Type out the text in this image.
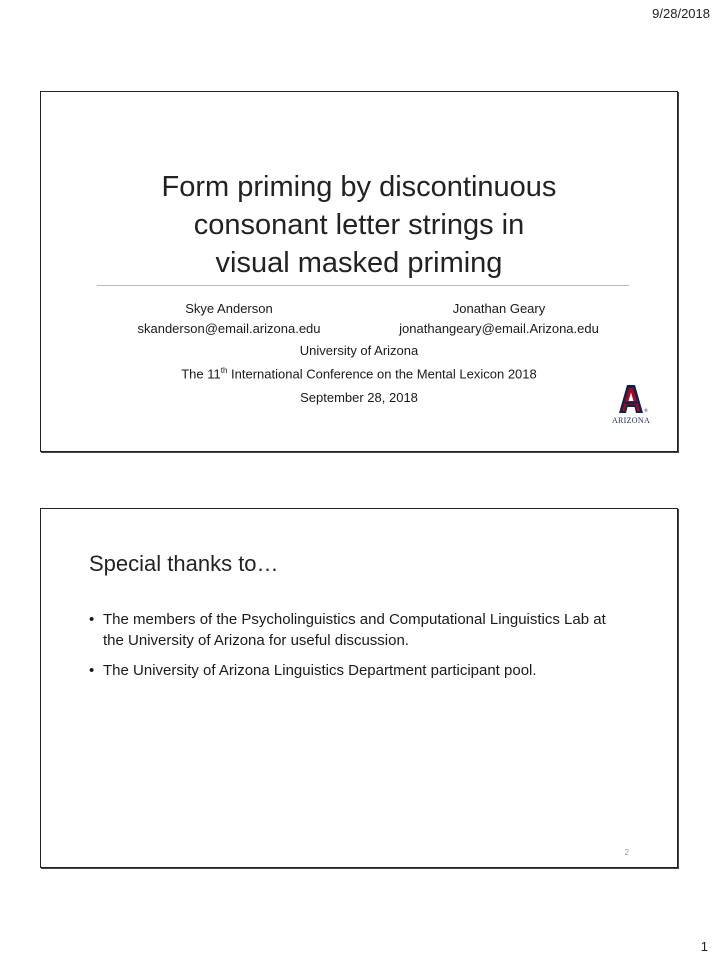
9/28/2018
Form priming by discontinuous
consonant letter strings in
visual masked priming
Skye Anderson
skanderson@email.arizona.edu
Jonathan Geary
jonathangeary@email.Arizona.edu
University of Arizona
The 11th International Conference on the Mental Lexicon 2018
September 28, 2018
®
ARIZONA
Special thanks to…
• The members of the Psycholinguistics and Computational Linguistics Lab at the University of Arizona for useful discussion.
• The University of Arizona Linguistics Department participant pool.
2
1
